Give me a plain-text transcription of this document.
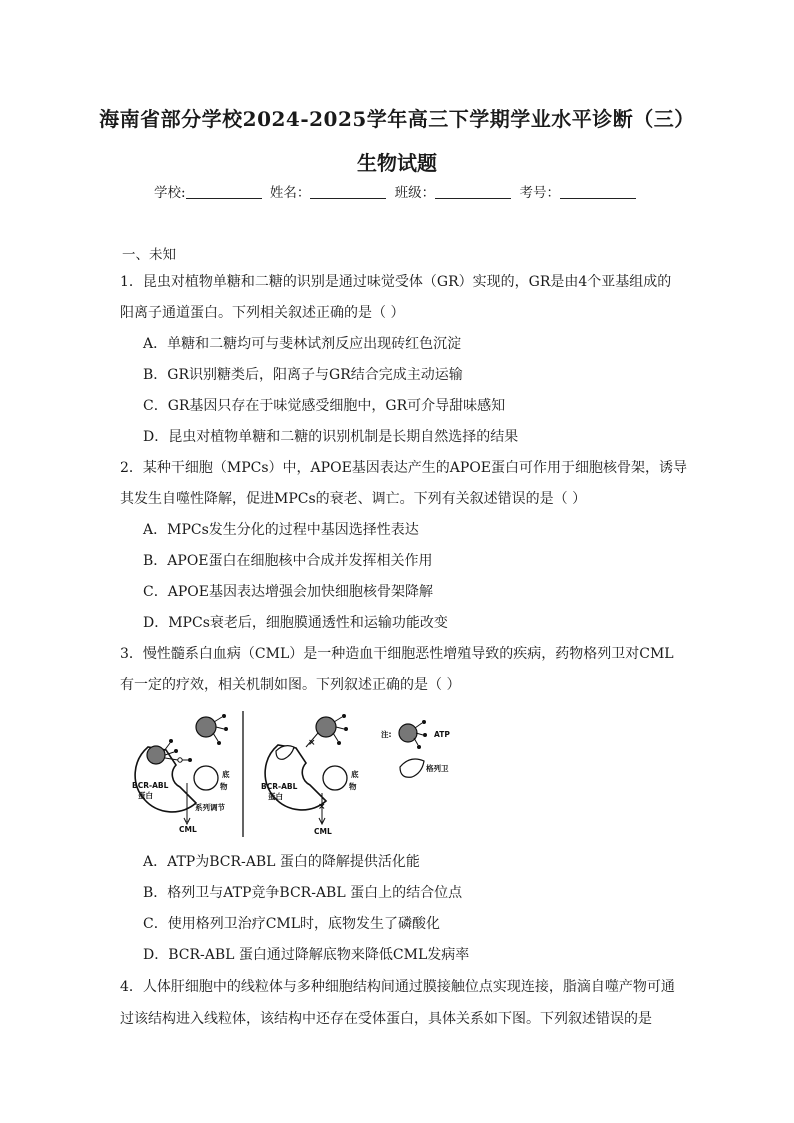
海南省部分学校2024-2025学年高三下学期学业水平诊断（三）
生物试题
学校:	姓名：	班级：	考号：
一、未知
1．昆虫对植物单糖和二糖的识别是通过味觉受体（GR）实现的，GR是由4个亚基组成的
阳离子通道蛋白。下列相关叙述正确的是（ ）
A．单糖和二糖均可与斐林试剂反应出现砖红色沉淀
B．GR识别糖类后，阳离子与GR结合完成主动运输
C．GR基因只存在于味觉感受细胞中，GR可介导甜味感知
D．昆虫对植物单糖和二糖的识别机制是长期自然选择的结果
2．某种干细胞（MPCs）中，APOE基因表达产生的APOE蛋白可作用于细胞核骨架，诱导
其发生自噬性降解，促进MPCs的衰老、调亡。下列有关叙述错误的是（ ）
A．MPCs发生分化的过程中基因选择性表达
B．APOE蛋白在细胞核中合成并发挥相关作用
C．APOE基因表达增强会加快细胞核骨架降解
D．MPCs衰老后，细胞膜通透性和运输功能改变
3．慢性髓系白血病（CML）是一种造血干细胞恶性增殖导致的疾病，药物格列卫对CML
有一定的疗效，相关机制如图。下列叙述正确的是（ ）
BCR-ABL
蛋白
底
物
系列调节
CML
×
×
BCR-ABL
蛋白
底
物
CML
注:	ATP
格列卫
A．ATP为BCR-ABL 蛋白的降解提供活化能
B．格列卫与ATP竞争BCR-ABL 蛋白上的结合位点
C．使用格列卫治疗CML时，底物发生了磷酸化
D．BCR-ABL 蛋白通过降解底物来降低CML发病率
4．人体肝细胞中的线粒体与多种细胞结构间通过膜接触位点实现连接，脂滴自噬产物可通
过该结构进入线粒体，该结构中还存在受体蛋白，具体关系如下图。下列叙述错误的是
